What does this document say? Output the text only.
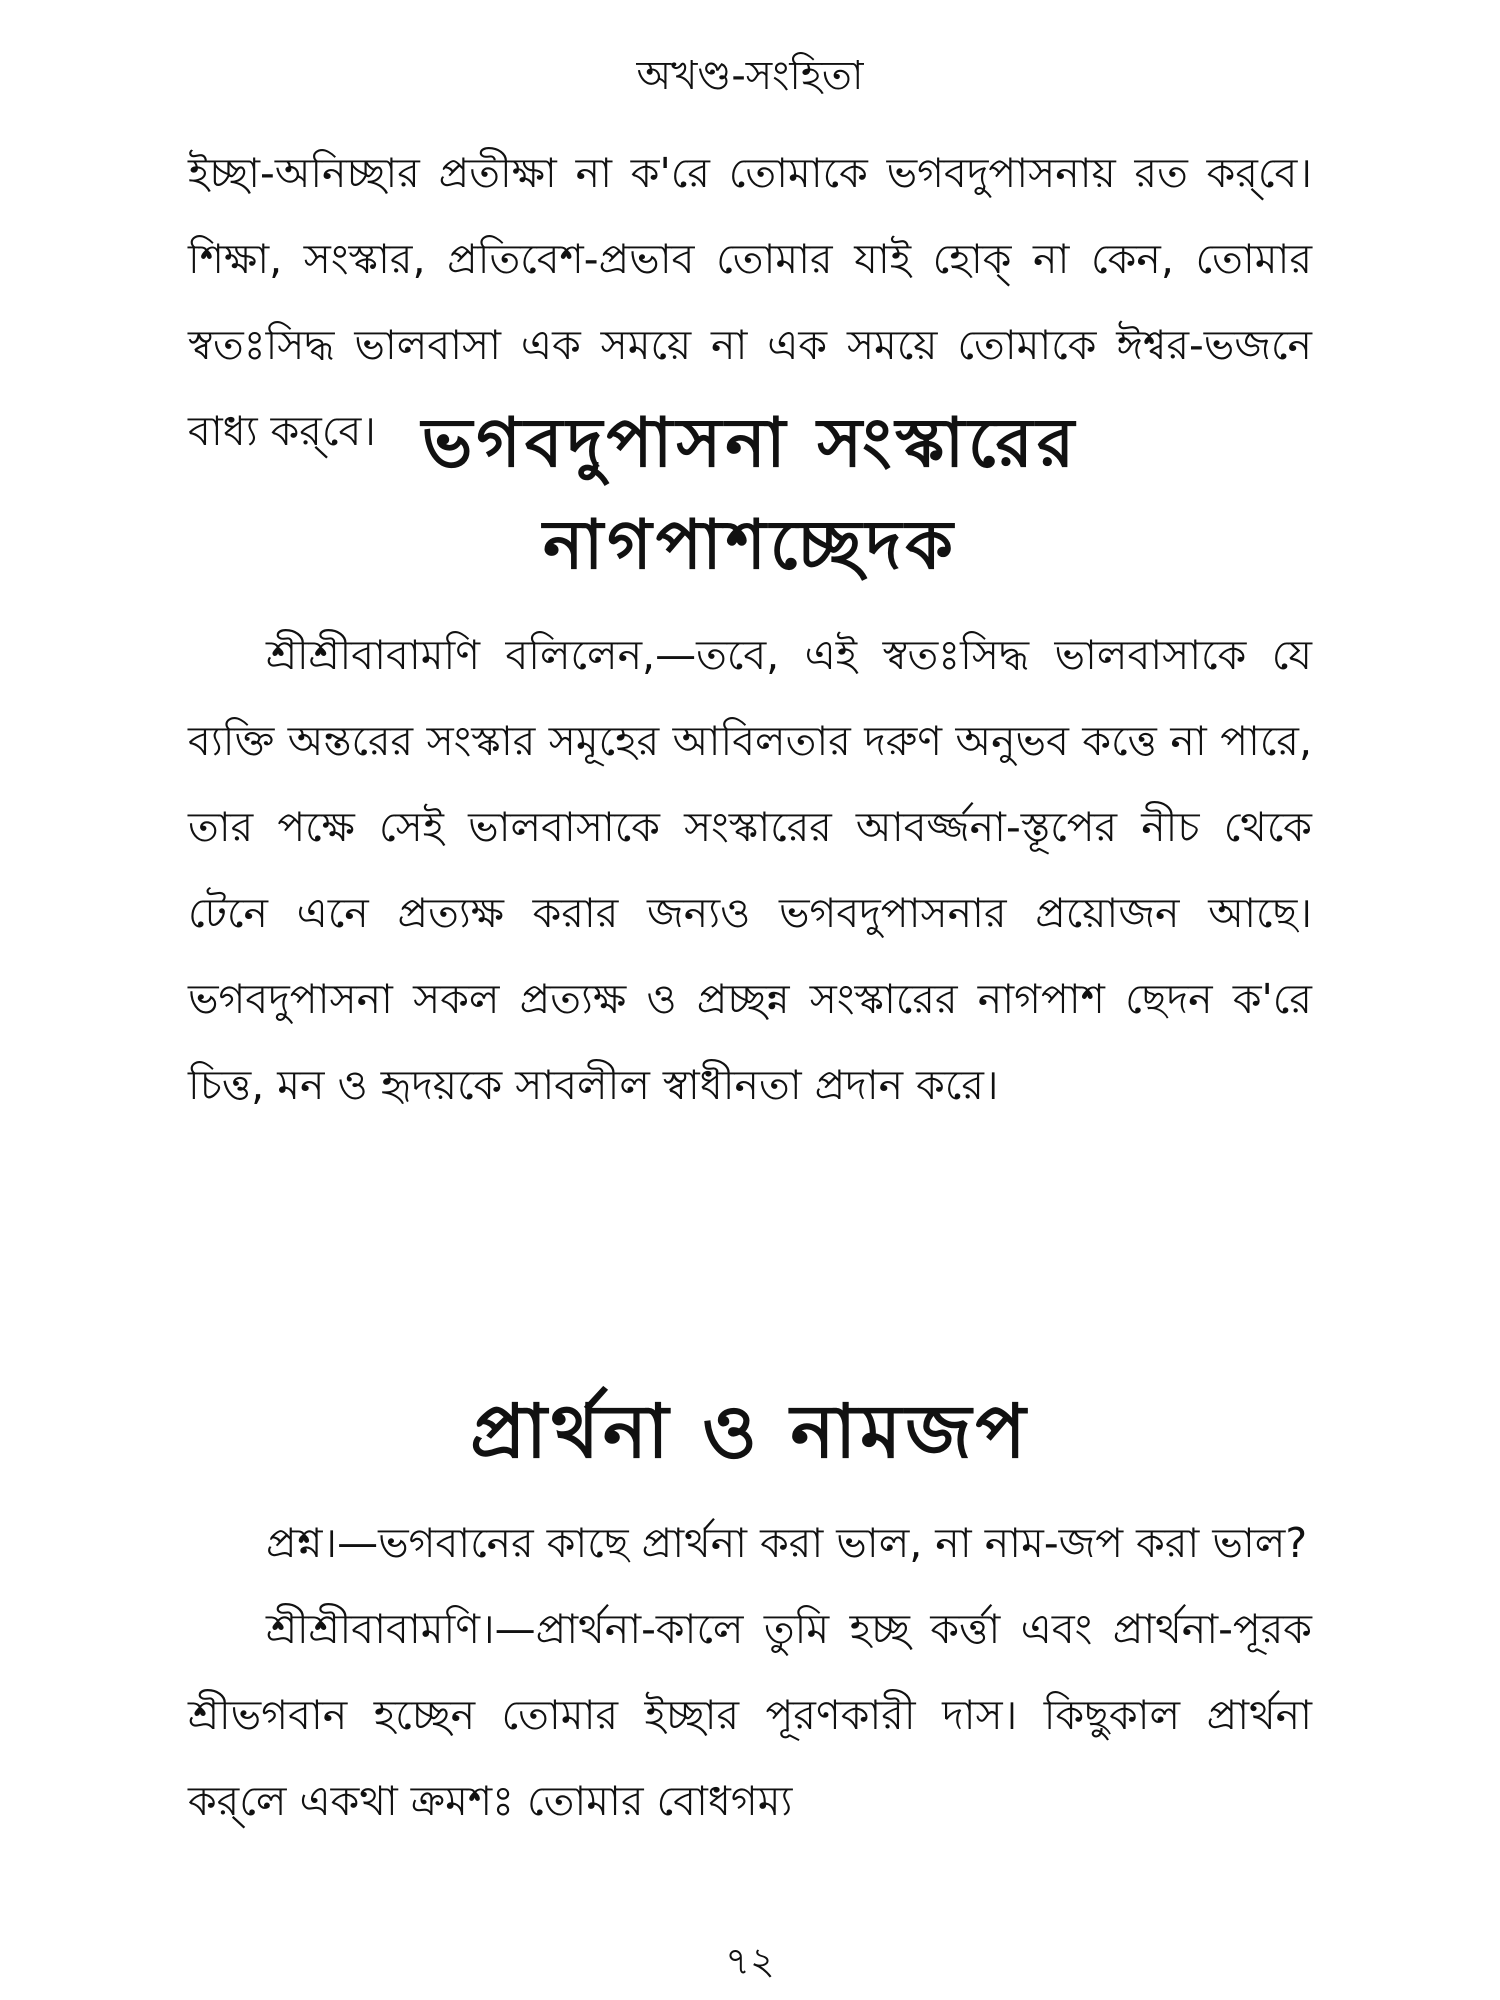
অখণ্ড-সংহিতা

ইচ্ছা-অনিচ্ছার প্রতীক্ষা না ক'রে তোমাকে ভগবদুপাসনায় রত কর্‌বে। শিক্ষা, সংস্কার, প্রতিবেশ-প্রভাব তোমার যাই হোক্‌ না কেন, তোমার স্বতঃসিদ্ধ ভালবাসা এক সময়ে না এক সময়ে তোমাকে ঈশ্বর-ভজনে বাধ্য কর্‌বে। ভগবদুপাসনা সংস্কারের
নাগপাশচ্ছেদক

শ্রীশ্রীবাবামণি বলিলেন,—তবে, এই স্বতঃসিদ্ধ ভালবাসাকে যে ব্যক্তি অন্তরের সংস্কার সমূহের আবিলতার দরুণ অনুভব কত্তে না পারে, তার পক্ষে সেই ভালবাসাকে সংস্কারের আবর্জ্জনা-স্তূপের নীচ থেকে টেনে এনে প্রত্যক্ষ করার জন্যও ভগবদুপাসনার প্রয়োজন আছে। ভগবদুপাসনা সকল প্রত্যক্ষ ও প্রচ্ছন্ন সংস্কারের নাগপাশ ছেদন ক'রে চিত্ত, মন ও হৃদয়কে সাবলীল স্বাধীনতা প্রদান করে।

প্রার্থনা ও নামজপ

প্রশ্ন।—ভগবানের কাছে প্রার্থনা করা ভাল, না নাম-জপ করা ভাল?

শ্রীশ্রীবাবামণি।—প্রার্থনা-কালে তুমি হচ্ছ কর্ত্তা এবং প্রার্থনা-পূরক শ্রীভগবান হচ্ছেন তোমার ইচ্ছার পূরণকারী দাস। কিছুকাল প্রার্থনা কর্‌লে একথা ক্রমশঃ তোমার বোধগম্য

৭২
